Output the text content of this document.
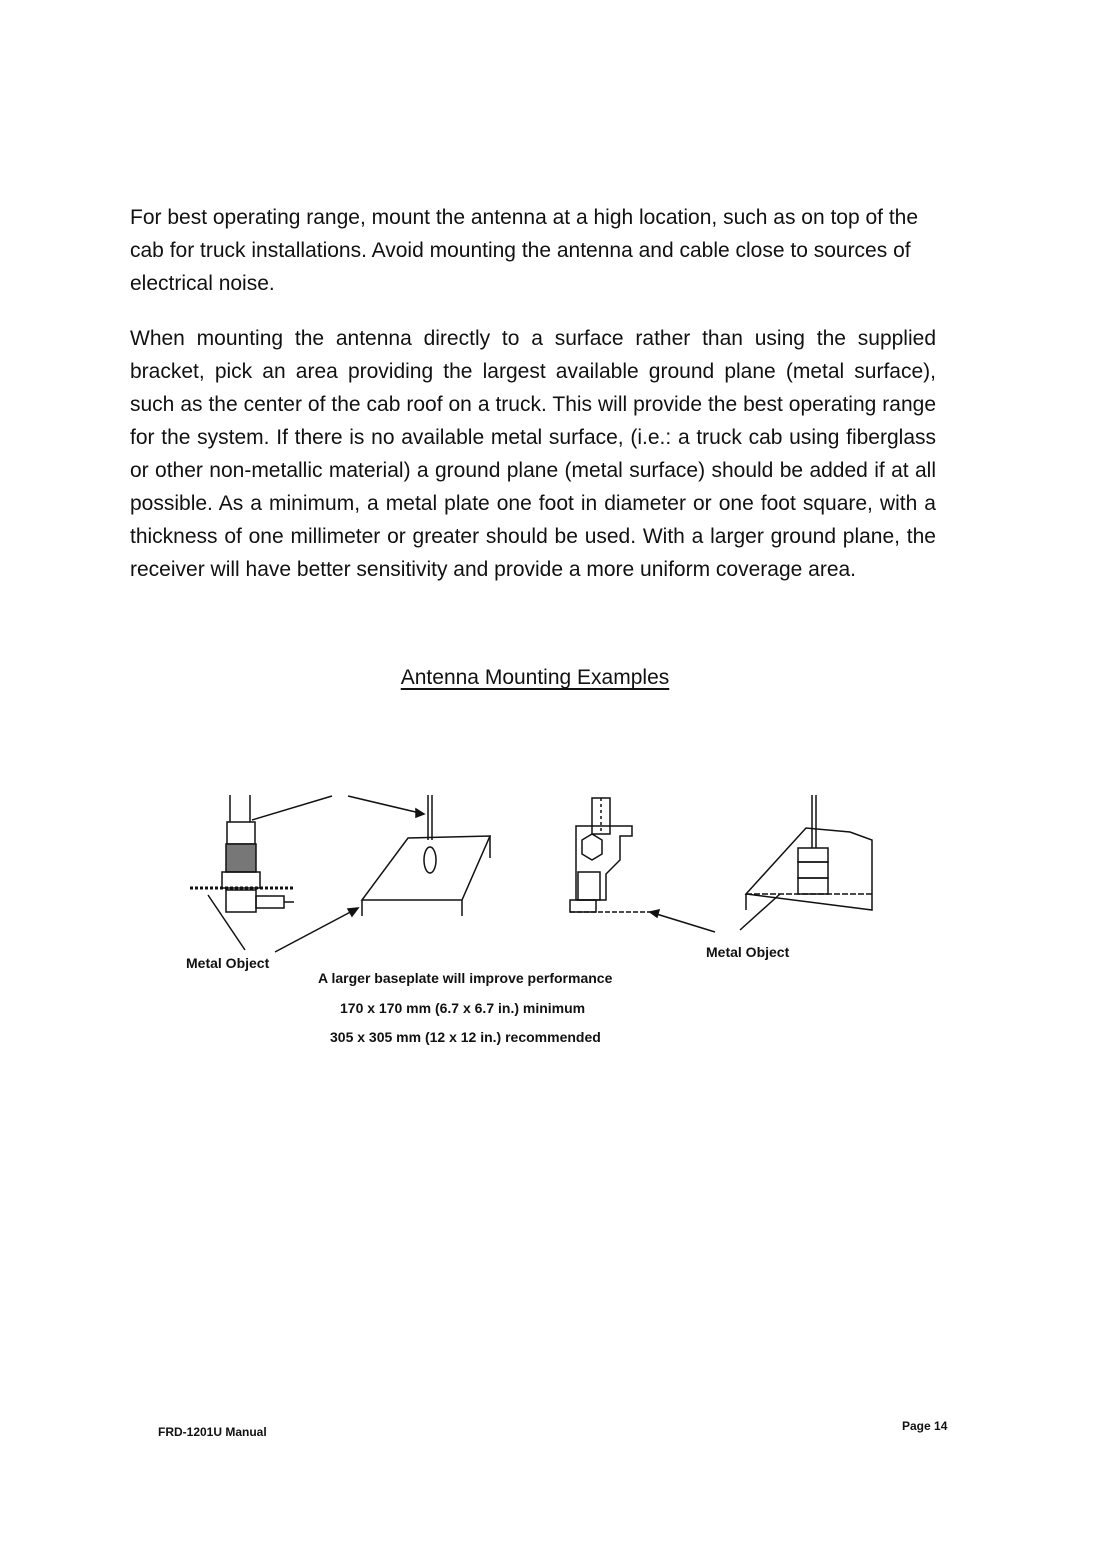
For best operating range, mount the antenna at a high location, such as on top of the cab for truck installations. Avoid mounting the antenna and cable close to sources of electrical noise.

When mounting the antenna directly to a surface rather than using the supplied bracket, pick an area providing the largest available ground plane (metal surface), such as the center of the cab roof on a truck. This will provide the best operating range for the system. If there is no available metal surface, (i.e.: a truck cab using fiberglass or other non-metallic material) a ground plane (metal surface) should be added if at all possible. As a minimum, a metal plate one foot in diameter or one foot square, with a thickness of one millimeter or greater should be used. With a larger ground plane, the receiver will have better sensitivity and provide a more uniform coverage area.

Antenna Mounting Examples

Metal Object
Metal Object
A larger baseplate will improve performance
170 x 170 mm (6.7 x 6.7 in.) minimum
305 x 305 mm (12 x 12 in.) recommended
FRD-1201U Manual	Page 14
